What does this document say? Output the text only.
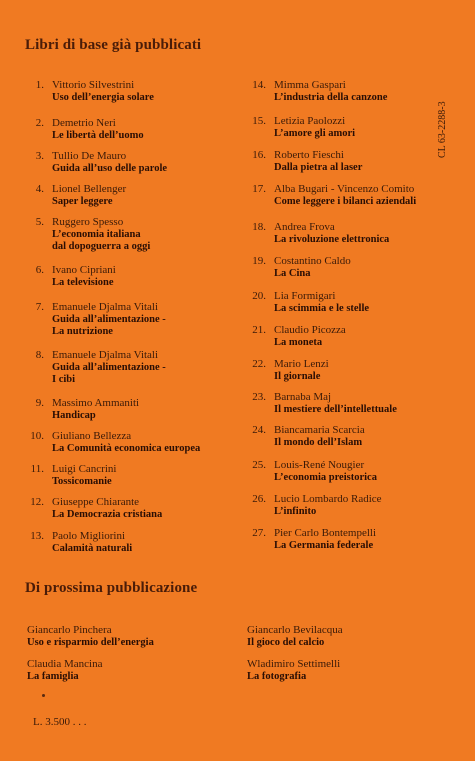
Libri di base già pubblicati
1. Vittorio Silvestrini
Uso dell’energia solare
2. Demetrio Neri
Le libertà dell’uomo
3. Tullio De Mauro
Guida all’uso delle parole
4. Lionel Bellenger
Saper leggere
5. Ruggero Spesso
L’economia italiana
dal dopoguerra a oggi
6. Ivano Cipriani
La televisione
7. Emanuele Djalma Vitali
Guida all’alimentazione -
La nutrizione
8. Emanuele Djalma Vitali
Guida all’alimentazione -
I cibi
9. Massimo Ammaniti
Handicap
10. Giuliano Bellezza
La Comunità economica europea
11. Luigi Cancrini
Tossicomanie
12. Giuseppe Chiarante
La Democrazia cristiana
13. Paolo Migliorini
Calamità naturali
14. Mimma Gaspari
L’industria della canzone
15. Letizia Paolozzi
L’amore gli amori
16. Roberto Fieschi
Dalla pietra al laser
17. Alba Bugari - Vincenzo Comito
Come leggere i bilanci aziendali
18. Andrea Frova
La rivoluzione elettronica
19. Costantino Caldo
La Cina
20. Lia Formigari
La scimmia e le stelle
21. Claudio Picozza
La moneta
22. Mario Lenzi
Il giornale
23. Barnaba Maj
Il mestiere dell’intellettuale
24. Biancamaria Scarcia
Il mondo dell’Islam
25. Louis-René Nougier
L’economia preistorica
26. Lucio Lombardo Radice
L’infinito
27. Pier Carlo Bontempelli
La Germania federale
CL 63-2288-3
Di prossima pubblicazione
Giancarlo Pinchera
Uso e risparmio dell’energia
Giancarlo Bevilacqua
Il gioco del calcio
Claudia Mancina
La famiglia
Wladimiro Settimelli
La fotografia
L. 3.500 . . .
